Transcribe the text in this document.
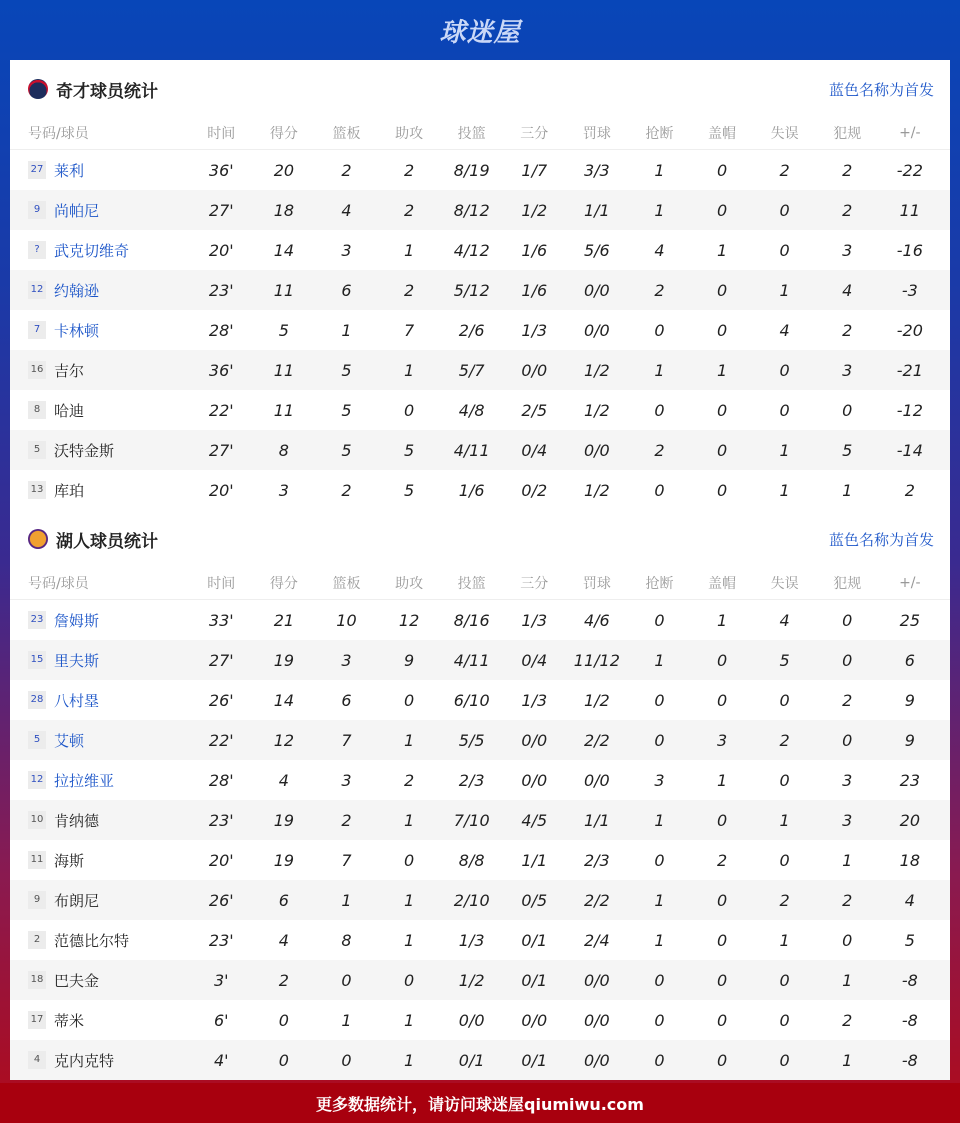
球迷屋
奇才球员统计	蓝色名称为首发
号码/球员	时间	得分	篮板	助攻	投篮	三分	罚球	抢断	盖帽	失误	犯规	+/-
27 莱利	36'	20	2	2	8/19	1/7	3/3	1	0	2	2	-22
9 尚帕尼	27'	18	4	2	8/12	1/2	1/1	1	0	0	2	11
? 武克切维奇	20'	14	3	1	4/12	1/6	5/6	4	1	0	3	-16
12 约翰逊	23'	11	6	2	5/12	1/6	0/0	2	0	1	4	-3
7 卡林顿	28'	5	1	7	2/6	1/3	0/0	0	0	4	2	-20
16 吉尔	36'	11	5	1	5/7	0/0	1/2	1	1	0	3	-21
8 哈迪	22'	11	5	0	4/8	2/5	1/2	0	0	0	0	-12
5 沃特金斯	27'	8	5	5	4/11	0/4	0/0	2	0	1	5	-14
13 库珀	20'	3	2	5	1/6	0/2	1/2	0	0	1	1	2
湖人球员统计	蓝色名称为首发
号码/球员	时间	得分	篮板	助攻	投篮	三分	罚球	抢断	盖帽	失误	犯规	+/-
23 詹姆斯	33'	21	10	12	8/16	1/3	4/6	0	1	4	0	25
15 里夫斯	27'	19	3	9	4/11	0/4	11/12	1	0	5	0	6
28 八村塁	26'	14	6	0	6/10	1/3	1/2	0	0	0	2	9
5 艾顿	22'	12	7	1	5/5	0/0	2/2	0	3	2	0	9
12 拉拉维亚	28'	4	3	2	2/3	0/0	0/0	3	1	0	3	23
10 肯纳德	23'	19	2	1	7/10	4/5	1/1	1	0	1	3	20
11 海斯	20'	19	7	0	8/8	1/1	2/3	0	2	0	1	18
9 布朗尼	26'	6	1	1	2/10	0/5	2/2	1	0	2	2	4
2 范德比尔特	23'	4	8	1	1/3	0/1	2/4	1	0	1	0	5
18 巴夫金	3'	2	0	0	1/2	0/1	0/0	0	0	0	1	-8
17 蒂米	6'	0	1	1	0/0	0/0	0/0	0	0	0	2	-8
4 克内克特	4'	0	0	1	0/1	0/1	0/0	0	0	0	1	-8
更多数据统计，请访问球迷屋qiumiwu.com
